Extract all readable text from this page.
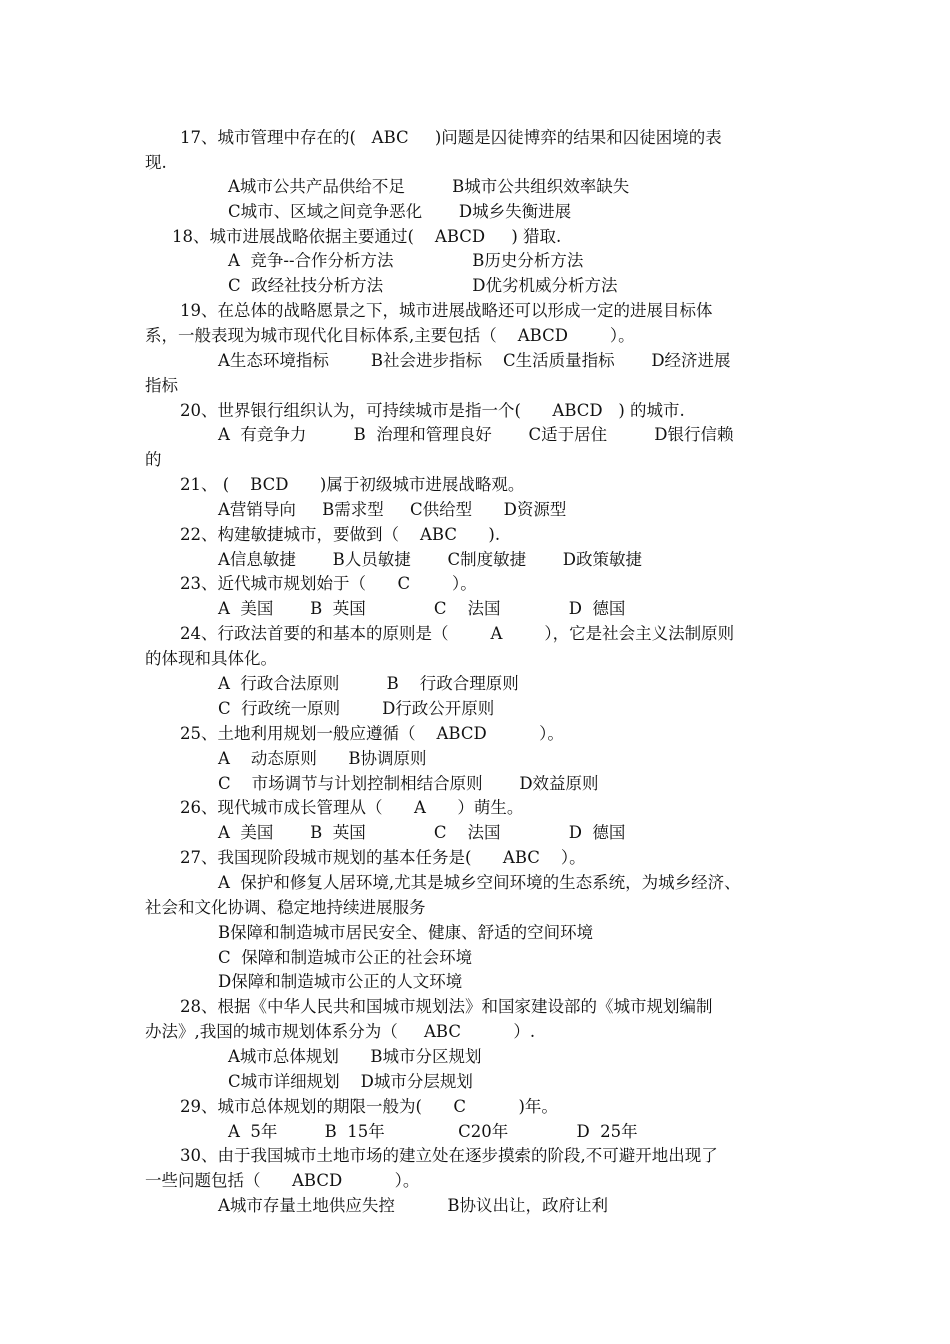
17、城市管理中存在的(   ABC     )问题是囚徒博弈的结果和囚徒困境的表
现.
A城市公共产品供给不足         B城市公共组织效率缺失
C城市、区域之间竞争恶化       D城乡失衡进展
18、城市进展战略依据主要通过(    ABCD     ) 猎取.
A  竞争--合作分析方法               B历史分析方法
C  政经社技分析方法                 D优劣机威分析方法
19、在总体的战略愿景之下，城市进展战略还可以形成一定的进展目标体
系，一般表现为城市现代化目标体系,主要包括（    ABCD        ）。
A生态环境指标        B社会进步指标    C生活质量指标       D经济进展
指标
20、世界银行组织认为，可持续城市是指一个(      ABCD   ) 的城市.
A  有竞争力         B  治理和管理良好       C适于居住         D银行信赖
的
21、 (    BCD      )属于初级城市进展战略观。
A营销导向     B需求型     C供给型      D资源型
22、构建敏捷城市，要做到（    ABC      ).
A信息敏捷       B人员敏捷       C制度敏捷       D政策敏捷
23、近代城市规划始于（      C        ）。
A  美国       B  英国             C    法国             D  德国
24、行政法首要的和基本的原则是（        A        ），它是社会主义法制原则
的体现和具体化。
A  行政合法原则         B    行政合理原则
C  行政统一原则        D行政公开原则
25、土地利用规划一般应遵循（    ABCD          ）。
A    动态原则      B协调原则
C    市场调节与计划控制相结合原则       D效益原则
26、现代城市成长管理从（      A      ）萌生。
A  美国       B  英国             C    法国             D  德国
27、我国现阶段城市规划的基本任务是(      ABC    ）。
A  保护和修复人居环境,尤其是城乡空间环境的生态系统，为城乡经济、
社会和文化协调、稳定地持续进展服务
B保障和制造城市居民安全、健康、舒适的空间环境
C  保障和制造城市公正的社会环境
D保障和制造城市公正的人文环境
28、根据《中华人民共和国城市规划法》和国家建设部的《城市规划编制
办法》,我国的城市规划体系分为（     ABC          ）.
A城市总体规划      B城市分区规划
C城市详细规划    D城市分层规划
29、城市总体规划的期限一般为(      C          )年。
A  5年         B  15年              C20年             D  25年
30、由于我国城市土地市场的建立处在逐步摸索的阶段,不可避开地出现了
一些问题包括（      ABCD          ）。
A城市存量土地供应失控          B协议出让，政府让利
